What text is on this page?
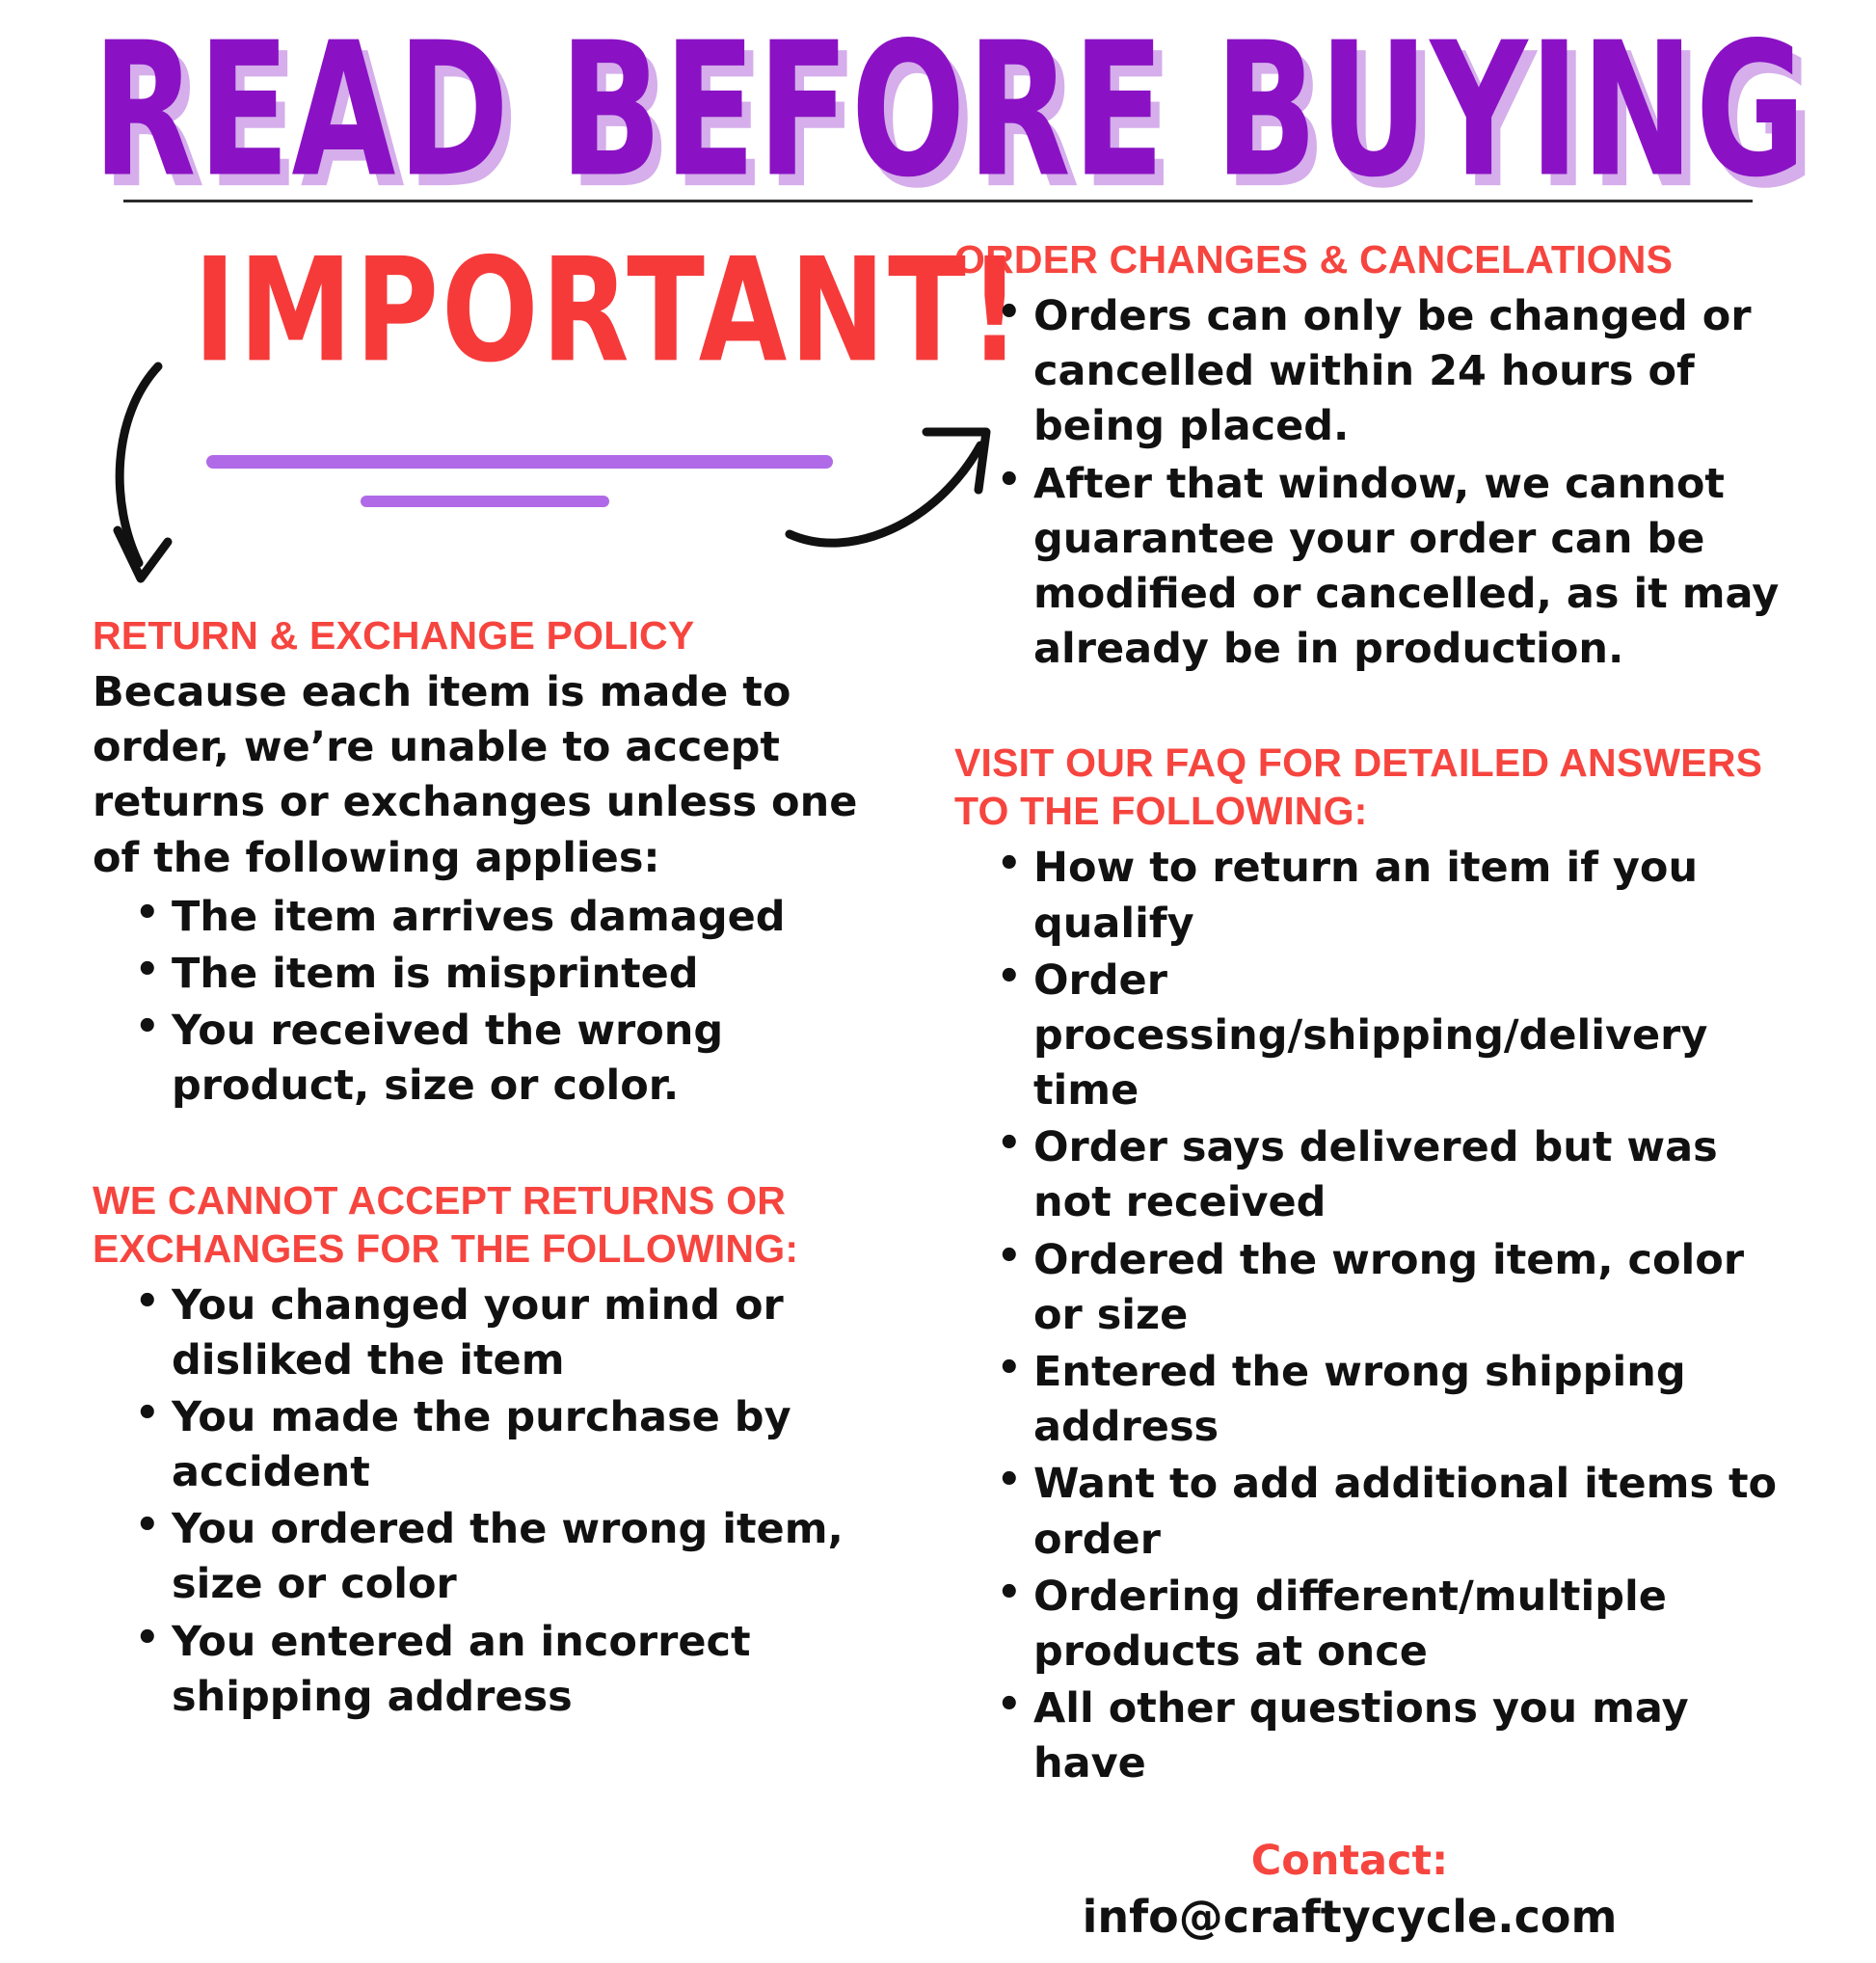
READ BEFORE BUYING
IMPORTANT!
RETURN & EXCHANGE POLICY

Because each item is made to order, we’re unable to accept returns or exchanges unless one of the following applies:

• The item arrives damaged
• The item is misprinted
• You received the wrong product, size or color.
WE CANNOT ACCEPT RETURNS OR EXCHANGES FOR THE FOLLOWING:
• You changed your mind or disliked the item
• You made the purchase by accident
• You ordered the wrong item, size or color
• You entered an incorrect shipping address
ORDER CHANGES & CANCELATIONS
• Orders can only be changed or cancelled within 24 hours of being placed.
• After that window, we cannot guarantee your order can be modified or cancelled, as it may already be in production.
VISIT OUR FAQ FOR DETAILED ANSWERS TO THE FOLLOWING:
• How to return an item if you qualify
• Order processing/shipping/delivery time
• Order says delivered but was not received
• Ordered the wrong item, color or size
• Entered the wrong shipping address
• Want to add additional items to order
• Ordering different/multiple products at once
• All other questions you may have

Contact:

info@craftycycle.com
